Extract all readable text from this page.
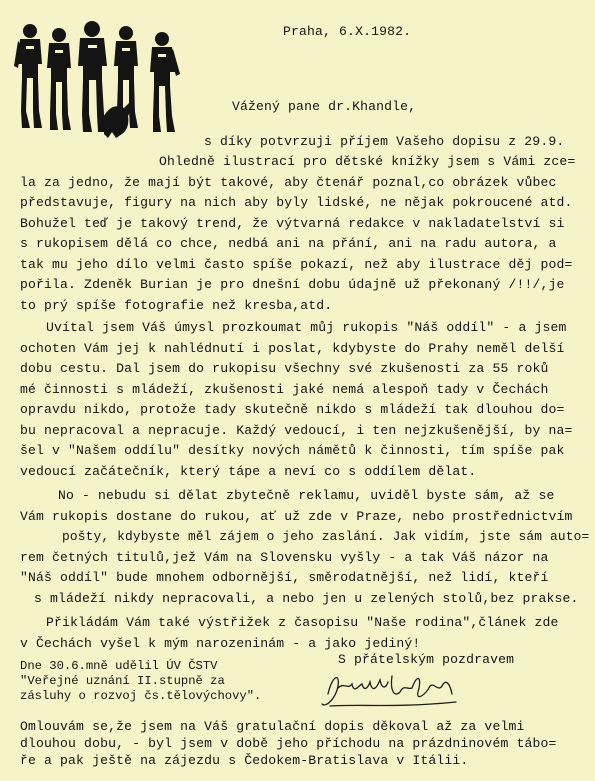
Praha, 6.X.1982.
Vážený pane dr.Khandle,
s díky potvrzuji příjem Vašeho dopisu z 29.9.
Ohledně ilustrací pro dětské knížky jsem s Vámi zce=
la za jedno, že mají být takové, aby čtenář poznal,co obrázek vůbec
představuje, figury na nich aby byly lidské, ne nějak pokroucené atd.
Bohužel teď je takový trend, že výtvarná redakce v nakladatelství si
s rukopisem dělá co chce, nedbá ani na přání, ani na radu autora, a
tak mu jeho dílo velmi často spíše pokazí, než aby ilustrace děj pod=
pořila. Zdeněk Burian je pro dnešní dobu údajně už překonaný /!!/,je
to prý spíše fotografie než kresba,atd.
Uvítal jsem Váš úmysl prozkoumat můj rukopis "Náš oddíl" - a jsem
ochoten Vám jej k nahlédnutí i poslat, kdybyste do Prahy neměl delší
dobu cestu. Dal jsem do rukopisu všechny své zkušenosti za 55 roků
mé činnosti s mládeží, zkušenosti jaké nemá alespoň tady v Čechách
opravdu nikdo, protože tady skutečně nikdo s mládeží tak dlouhou do=
bu nepracoval a nepracuje. Každý vedoucí, i ten nejzkušenější, by na=
šel v "Našem oddílu" desítky nových námětů k činnosti, tím spíše pak
vedoucí začátečník, který tápe a neví co s oddílem dělat.
No - nebudu si dělat zbytečně reklamu, uviděl byste sám, až se
Vám rukopis dostane do rukou, ať už zde v Praze, nebo prostřednictvím
pošty, kdybyste měl zájem o jeho zaslání. Jak vidím, jste sám auto=
rem četných titulů,jež Vám na Slovensku vyšly - a tak Váš názor na
"Náš oddíl" bude mnohem odbornější, směrodatnější, než lidí, kteří
s mládeží nikdy nepracovali, a nebo jen u zelených stolů,bez prakse.
Přikládám Vám také výstřižek z časopisu "Naše rodina",článek zde
v Čechách vyšel k mým narozeninám - a jako jediný!
Dne 30.6.mně udělil ÚV ČSTV
"Veřejné uznání II.stupně za
zásluhy o rozvoj čs.tělovýchovy".
S přátelským pozdravem
Omlouvám se,že jsem na Váš gratulační dopis děkoval až za velmi
dlouhou dobu, - byl jsem v době jeho příchodu na prázdninovém tábo=
ře a pak ještě na zájezdu s Čedokem-Bratislava v Itálii.
